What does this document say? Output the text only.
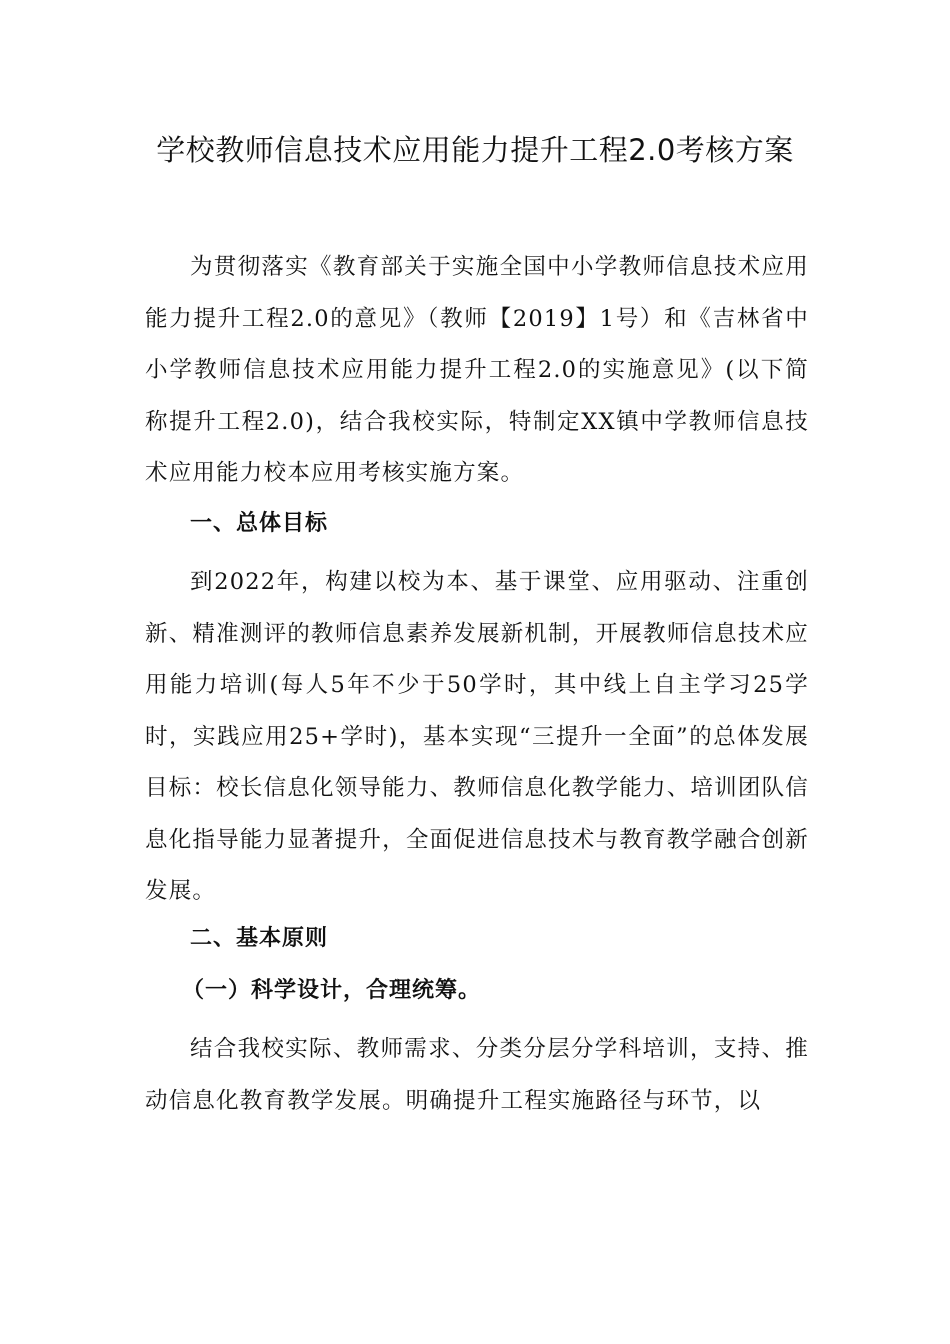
学校教师信息技术应用能力提升工程2.0考核方案

为贯彻落实《教育部关于实施全国中小学教师信息技术应用能力提升工程2.0的意见》（教师【2019】1号）和《吉林省中小学教师信息技术应用能力提升工程2.0的实施意见》(以下简称提升工程2.0)，结合我校实际，特制定XX镇中学教师信息技术应用能力校本应用考核实施方案。

一、总体目标

到2022年，构建以校为本、基于课堂、应用驱动、注重创新、精准测评的教师信息素养发展新机制，开展教师信息技术应用能力培训(每人5年不少于50学时，其中线上自主学习25学时，实践应用25+学时)，基本实现“三提升一全面”的总体发展目标：校长信息化领导能力、教师信息化教学能力、培训团队信息化指导能力显著提升，全面促进信息技术与教育教学融合创新发展。

二、基本原则
（一）科学设计，合理统筹。

结合我校实际、教师需求、分类分层分学科培训，支持、推动信息化教育教学发展。明确提升工程实施路径与环节，以
